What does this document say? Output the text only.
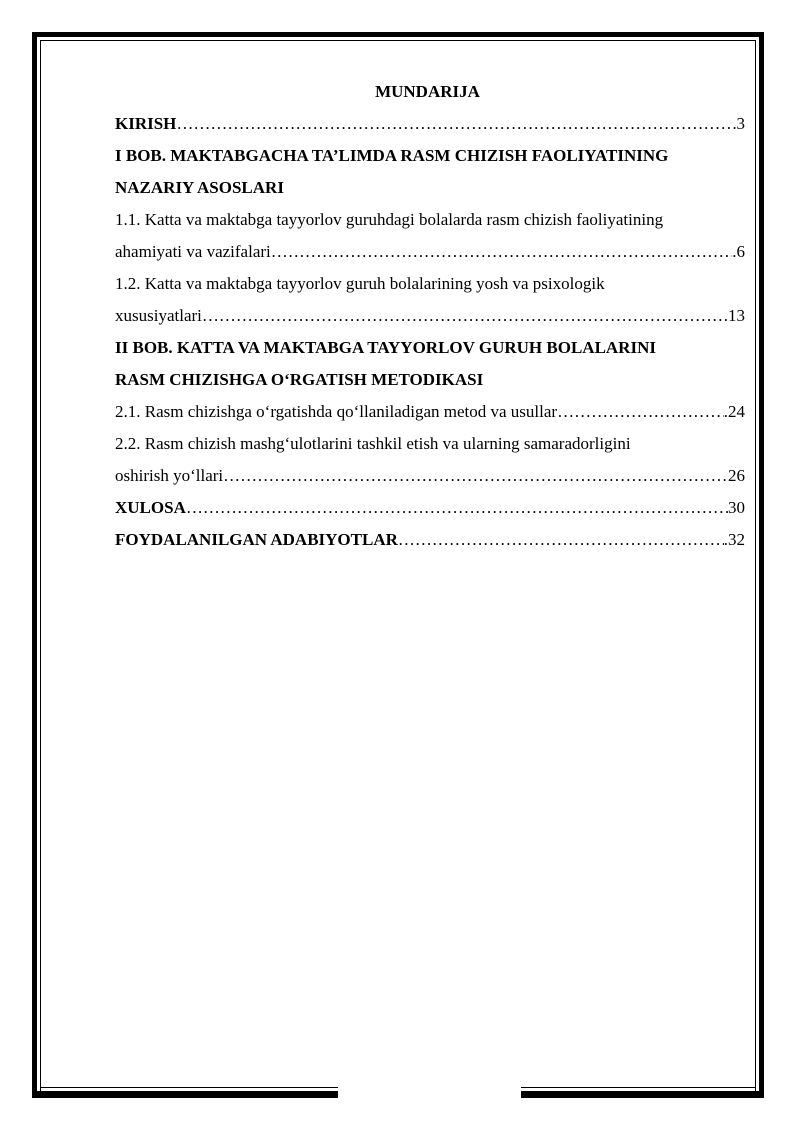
MUNDARIJA
KIRISH ……………………………………………………………………………………………………………………………………………………	3
I BOB. MAKTABGACHA TA’LIMDA RASM CHIZISH FAOLIYATINING
NAZARIY ASOSLARI
1.1. Katta va maktabga tayyorlov guruhdagi bolalarda rasm chizish faoliyatining
ahamiyati va vazifalari ……………………………………………………………………………………………………………………………………………………	.6
1.2. Katta va maktabga tayyorlov guruh bolalarining yosh va psixologik
xususiyatlari ……………………………………………………………………………………………………………………………………………………	.13
II BOB. KATTA VA MAKTABGA TAYYORLOV GURUH BOLALARINI
RASM CHIZISHGA O‘RGATISH METODIKASI
2.1. Rasm chizishga o‘rgatishda qo‘llaniladigan metod va usullar ……………………………………………………………………………………………………………………………………………………	.24
2.2. Rasm chizish mashg‘ulotlarini tashkil etish va ularning samaradorligini
oshirish yo‘llari ……………………………………………………………………………………………………………………………………………………	26
XULOSA ……………………………………………………………………………………………………………………………………………………	30
FOYDALANILGAN ADABIYOTLAR ……………………………………………………………………………………………………………………………………………………	.32
